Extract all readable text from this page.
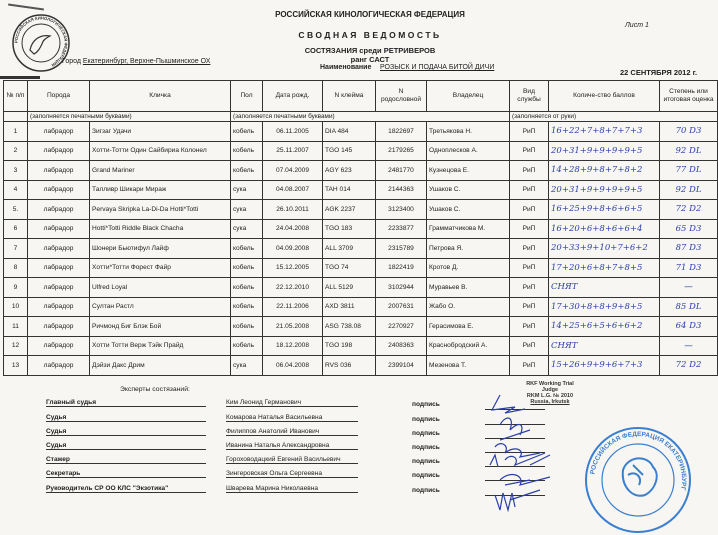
РОССИЙСКАЯ КИНОЛОГИЧЕСКАЯ ФЕДЕРАЦИЯ
РОССИЙСКАЯ КИНОЛОГИЧЕСКАЯ ФЕДЕРАЦИЯ
СВОДНАЯ ВЕДОМОСТЬ
СОСТЯЗАНИЯ среди РЕТРИВЕРОВ
ранг САСТ
Лист 1
Город Екатеринбург, Верхне-Пышминское ОХ
Наименование РОЗЫСК И ПОДАЧА БИТОЙ ДИЧИ
22 СЕНТЯБРЯ 2012 г.
№ п/п	Порода	Кличка	Пол	Дата рожд.	N клейма	N родословной	Владелец	Вид службы	Количе-ство баллов	Степень или итоговая оценка
	(заполняется печатными буквами)		(заполняется печатными буквами)					(заполняется от руки)		
1	лабрадор	Зигзаг Удачи	кобель	06.11.2005	DIA 484	1822697	Третьякова Н.	РиП	16+22+7+8+7+7+3	70 D3
2	лабрадор	Хотти-Тотти Один Сайбириа Колонел	кобель	25.11.2007	TGO 145	2179265	Одноплесков А.	РиП	20+31+9+9+9+9+5	92 DL
3	лабрадор	Grand Mariner	кобель	07.04.2009	AGY 623	2481770	Кузнецова Е.	РиП	14+28+9+8+7+8+2	77 DL
4	лабрадор	Талливр Шикари Мираж	сука	04.08.2007	TAH 014	2144363	Ушаков С.	РиП	20+31+9+9+9+9+5	92 DL
5.	лабрадор	Pervaya Skripka La-Di-Da Hotti*Totti	сука	26.10.2011	AGK 2237	3123400	Ушаков С.	РиП	16+25+9+8+6+6+5	72 D2
6	лабрадор	Hotti*Totti Riddle Black Chacha	сука	24.04.2008	TGO 183	2233877	Грамматчикова М.	РиП	16+20+6+8+6+6+4	65 D3
7	лабрадор	Шонери Бьютифул Лайф	кобель	04.09.2008	ALL 3709	2315789	Петрова Я.	РиП	20+33+9+10+7+6+2	87 D3
8	лабрадор	Хотти*Тотти Форест Файр	кобель	15.12.2005	TGO 74	1822419	Кротов Д.	РиП	17+20+6+8+7+8+5	71 D3
9	лабрадор	Ulfred Loyal	кобель	22.12.2010	ALL 5129	3102944	Муравьев В.	РиП	СНЯТ	—
10	лабрадор	Султан Растл	кобель	22.11.2006	AXD 3811	2007631	Жабо О.	РиП	17+30+8+8+9+8+5	85 DL
11	лабрадор	Ричмонд Биг Блэк Бой	кобель	21.05.2008	ASG 738.08	2270927	Герасимова Е.	РиП	14+25+6+5+6+6+2	64 D3
12	лабрадор	Хотти Тотти Верж Тэйк Прайд	кобель	18.12.2008	TGO 198	2408363	Краснобродский А.	РиП	СНЯТ	—
13	лабрадор	Дэйзи Дакс Дрим	сука	06.04.2008	RVS 036	2399104	Мезенова Т.	РиП	15+26+9+9+6+7+3	72 D2
Эксперты состязаний:
Главный судья	Ким Леонид Германович	подпись
Судья	Комарова Наталья Васильевна	подпись
Судья	Филиппов Анатолий Иванович	подпись
Судья	Иванина Наталья Александровна	подпись
Стажер	Гороховодацкий Евгений Васильевич	подпись
Секретарь	Зингеровская Ольга Сергеевна	подпись
Руководитель СР ОО КЛС "Экзотика"	Шварева Марина Николаевна	подпись
RKF Working Trial Judge
RKM L.G. № 2010
Russia, Irkutsk
РОССИЙСКАЯ ФЕДЕРАЦИЯ ЕКАТЕРИНБУРГ
